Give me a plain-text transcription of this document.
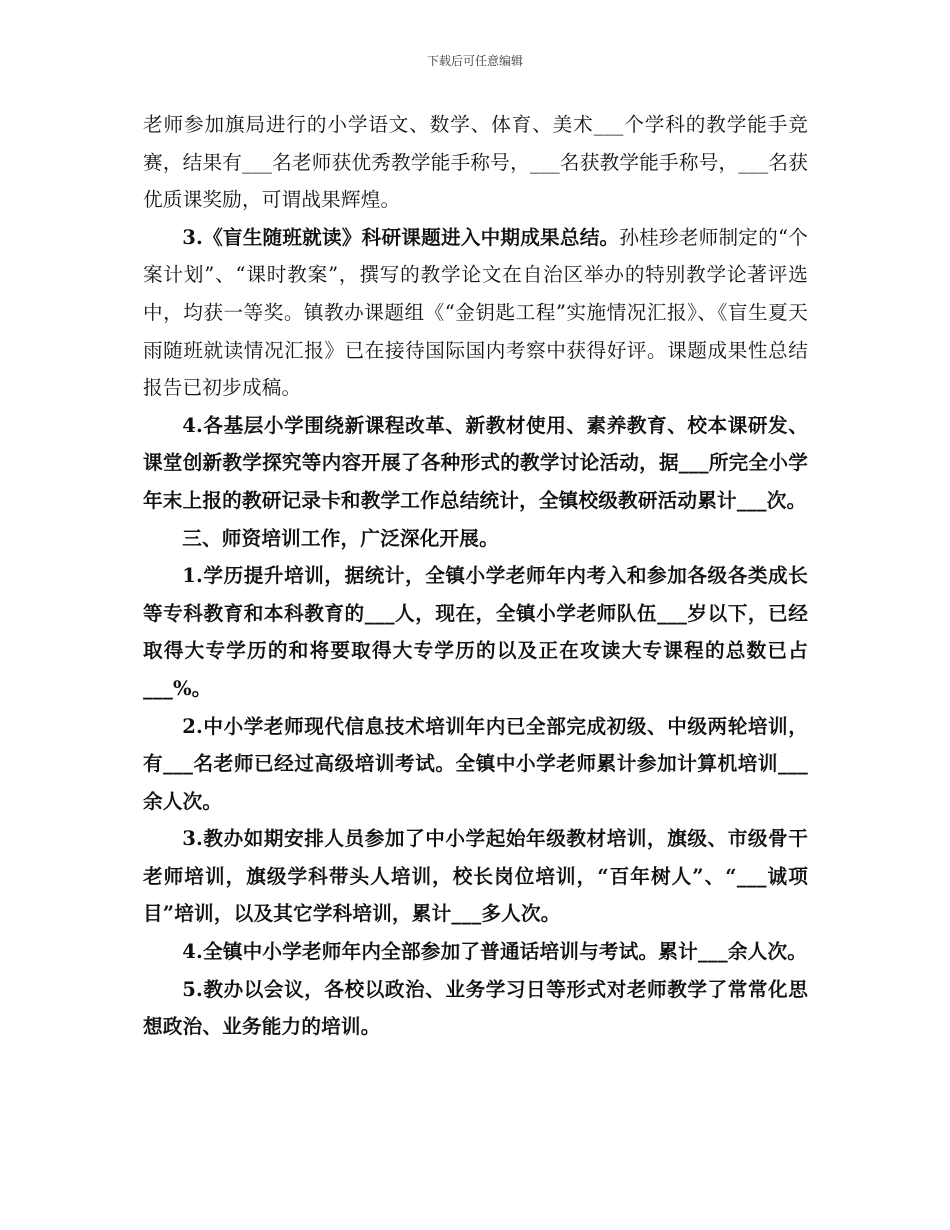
下载后可任意编辑

老师参加旗局进行的小学语文、数学、体育、美术___个学科的教学能手竞赛，结果有___名老师获优秀教学能手称号，___名获教学能手称号，___名获优质课奖励，可谓战果辉煌。

3.《盲生随班就读》科研课题进入中期成果总结。孙桂珍老师制定的“个案计划”、“课时教案”，撰写的教学论文在自治区举办的特别教学论著评选中，均获一等奖。镇教办课题组《“金钥匙工程”实施情况汇报》、《盲生夏天雨随班就读情况汇报》已在接待国际国内考察中获得好评。课题成果性总结报告已初步成稿。

4.各基层小学围绕新课程改革、新教材使用、素养教育、校本课研发、课堂创新教学探究等内容开展了各种形式的教学讨论活动，据___所完全小学年末上报的教研记录卡和教学工作总结统计，全镇校级教研活动累计___次。

三、师资培训工作，广泛深化开展。

1.学历提升培训，据统计，全镇小学老师年内考入和参加各级各类成长等专科教育和本科教育的___人，现在，全镇小学老师队伍___岁以下，已经取得大专学历的和将要取得大专学历的以及正在攻读大专课程的总数已占___%。

2.中小学老师现代信息技术培训年内已全部完成初级、中级两轮培训，有___名老师已经过高级培训考试。全镇中小学老师累计参加计算机培训___余人次。

3.教办如期安排人员参加了中小学起始年级教材培训，旗级、市级骨干老师培训，旗级学科带头人培训，校长岗位培训，“百年树人”、“___诚项目”培训，以及其它学科培训，累计___多人次。

4.全镇中小学老师年内全部参加了普通话培训与考试。累计___余人次。

5.教办以会议，各校以政治、业务学习日等形式对老师教学了常常化思想政治、业务能力的培训。
